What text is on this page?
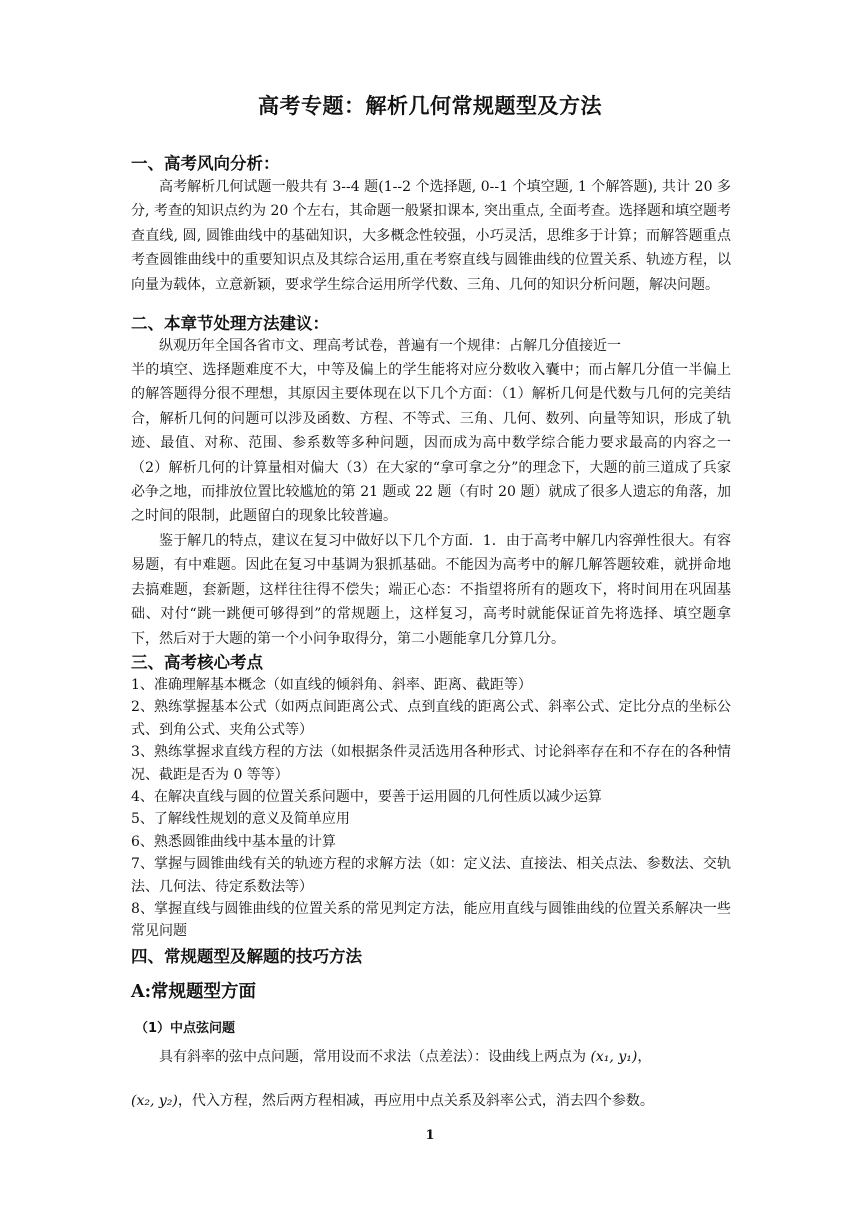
高考专题：解析几何常规题型及方法
一、高考风向分析：

高考解析几何试题一般共有 3--4 题(1--2 个选择题, 0--1 个填空题, 1 个解答题), 共计 20 多分, 考查的知识点约为 20 个左右，其命题一般紧扣课本, 突出重点, 全面考查。选择题和填空题考查直线, 圆, 圆锥曲线中的基础知识，大多概念性较强，小巧灵活，思维多于计算；而解答题重点考查圆锥曲线中的重要知识点及其综合运用,重在考察直线与圆锥曲线的位置关系、轨迹方程，以向量为载体，立意新颖，要求学生综合运用所学代数、三角、几何的知识分析问题，解决问题。

二、本章节处理方法建议：
纵观历年全国各省市文、理高考试卷，普遍有一个规律：占解几分值接近一

半的填空、选择题难度不大，中等及偏上的学生能将对应分数收入囊中；而占解几分值一半偏上的解答题得分很不理想，其原因主要体现在以下几个方面：（1）解析几何是代数与几何的完美结合，解析几何的问题可以涉及函数、方程、不等式、三角、几何、数列、向量等知识，形成了轨迹、最值、对称、范围、参系数等多种问题，因而成为高中数学综合能力要求最高的内容之一（2）解析几何的计算量相对偏大（3）在大家的“拿可拿之分”的理念下，大题的前三道成了兵家必争之地，而排放位置比较尴尬的第 21 题或 22 题（有时 20 题）就成了很多人遗忘的角落，加之时间的限制，此题留白的现象比较普遍。

鉴于解几的特点，建议在复习中做好以下几个方面．1．由于高考中解几内容弹性很大。有容易题，有中难题。因此在复习中基调为狠抓基础。不能因为高考中的解几解答题较难，就拼命地去搞难题，套新题，这样往往得不偿失；端正心态：不指望将所有的题攻下，将时间用在巩固基础、对付“跳一跳便可够得到”的常规题上，这样复习，高考时就能保证首先将选择、填空题拿下，然后对于大题的第一个小问争取得分，第二小题能拿几分算几分。

三、高考核心考点
1、准确理解基本概念（如直线的倾斜角、斜率、距离、截距等）
2、熟练掌握基本公式（如两点间距离公式、点到直线的距离公式、斜率公式、定比分点的坐标公式、到角公式、夹角公式等）
3、熟练掌握求直线方程的方法（如根据条件灵活选用各种形式、讨论斜率存在和不存在的各种情况、截距是否为 0 等等）
4、在解决直线与圆的位置关系问题中，要善于运用圆的几何性质以减少运算
5、了解线性规划的意义及简单应用
6、熟悉圆锥曲线中基本量的计算
7、掌握与圆锥曲线有关的轨迹方程的求解方法（如：定义法、直接法、相关点法、参数法、交轨法、几何法、待定系数法等）
8、掌握直线与圆锥曲线的位置关系的常见判定方法，能应用直线与圆锥曲线的位置关系解决一些常见问题
四、常规题型及解题的技巧方法
A:常规题型方面
（1）中点弦问题
具有斜率的弦中点问题，常用设而不求法（点差法）：设曲线上两点为 (x₁, y₁)，
(x₂, y₂)，代入方程，然后两方程相减，再应用中点关系及斜率公式，消去四个参数。
1
